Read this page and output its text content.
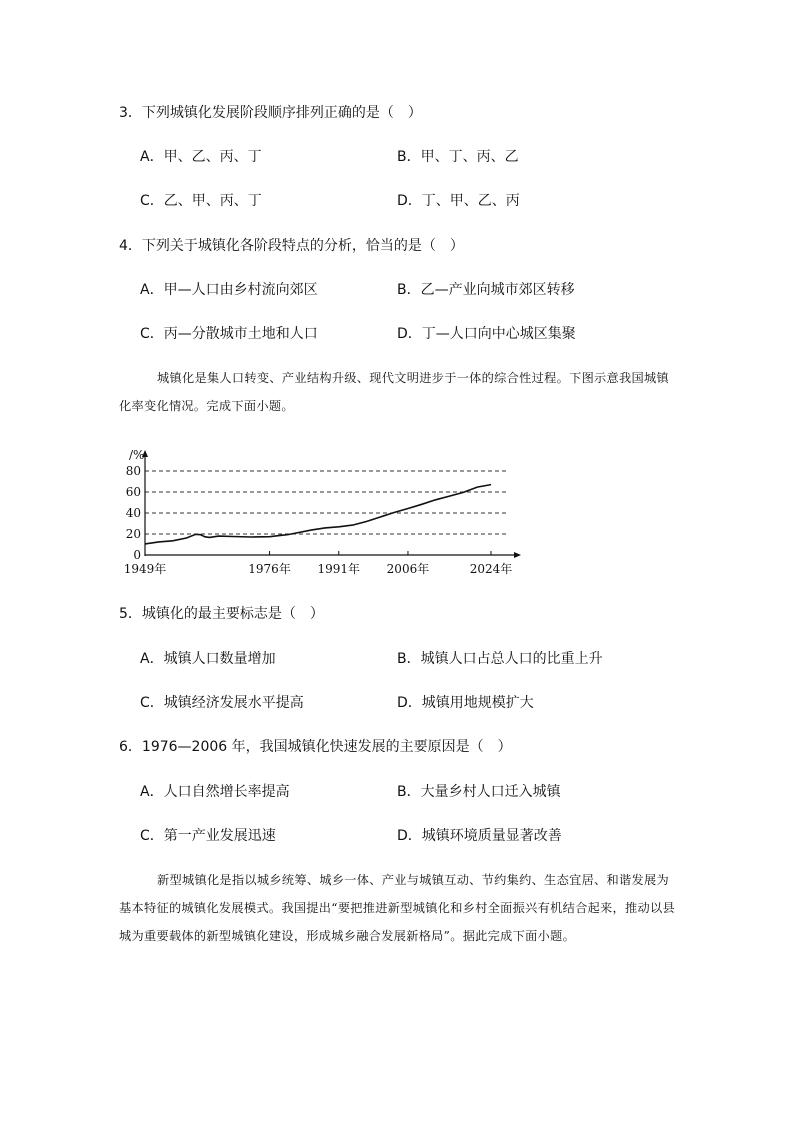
3．下列城镇化发展阶段顺序排列正确的是（　）
A．甲、乙、丙、丁	B．甲、丁、丙、乙
C．乙、甲、丙、丁	D．丁、甲、乙、丙
4．下列关于城镇化各阶段特点的分析，恰当的是（　）
A．甲—人口由乡村流向郊区	B．乙—产业向城市郊区转移
C．丙—分散城市土地和人口	D．丁—人口向中心城区集聚
城镇化是集人口转变、产业结构升级、现代文明进步于一体的综合性过程。下图示意我国城镇化率变化情况。完成下面小题。
/%
0
20
40
60
80
1949年	1976年 1991年 2006年	2024年
5．城镇化的最主要标志是（　）
A．城镇人口数量增加	B．城镇人口占总人口的比重上升
C．城镇经济发展水平提高	D．城镇用地规模扩大
6．1976—2006 年，我国城镇化快速发展的主要原因是（　）
A．人口自然增长率提高	B．大量乡村人口迁入城镇
C．第一产业发展迅速	D．城镇环境质量显著改善
新型城镇化是指以城乡统筹、城乡一体、产业与城镇互动、节约集约、生态宜居、和谐发展为基本特征的城镇化发展模式。我国提出“要把推进新型城镇化和乡村全面振兴有机结合起来，推动以县城为重要载体的新型城镇化建设，形成城乡融合发展新格局”。据此完成下面小题。
